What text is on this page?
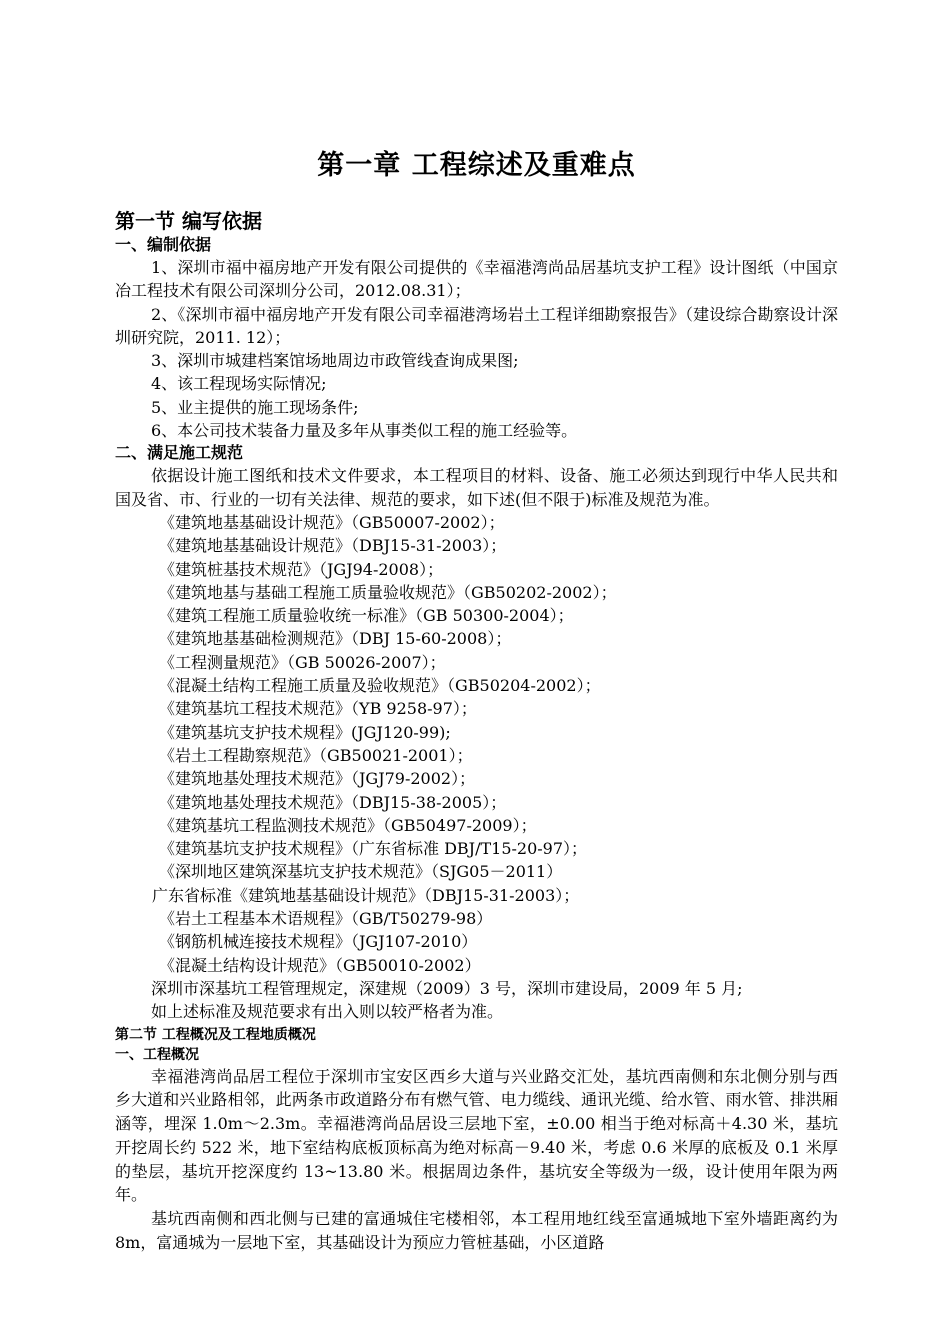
第一章 工程综述及重难点
第一节 编写依据
一、编制依据

1、深圳市福中福房地产开发有限公司提供的《幸福港湾尚品居基坑支护工程》设计图纸（中国京冶工程技术有限公司深圳分公司，2012.08.31）；

2、《深圳市福中福房地产开发有限公司幸福港湾场岩土工程详细勘察报告》（建设综合勘察设计深圳研究院，2011. 12）；

3、深圳市城建档案馆场地周边市政管线查询成果图;

4、该工程现场实际情况;

5、业主提供的施工现场条件;

6、本公司技术装备力量及多年从事类似工程的施工经验等。

二、满足施工规范

依据设计施工图纸和技术文件要求，本工程项目的材料、设备、施工必须达到现行中华人民共和国及省、市、行业的一切有关法律、规范的要求，如下述(但不限于)标准及规范为准。

《建筑地基基础设计规范》（GB50007-2002）；
《建筑地基基础设计规范》（DBJ15-31-2003）；
《建筑桩基技术规范》（JGJ94-2008）；
《建筑地基与基础工程施工质量验收规范》（GB50202-2002）；
《建筑工程施工质量验收统一标准》（GB 50300-2004）；
《建筑地基基础检测规范》（DBJ 15-60-2008）；
《工程测量规范》（GB 50026-2007）；
《混凝土结构工程施工质量及验收规范》（GB50204-2002）；
《建筑基坑工程技术规范》（YB 9258-97）；
《建筑基坑支护技术规程》(JGJ120-99);
《岩土工程勘察规范》（GB50021-2001）；
《建筑地基处理技术规范》（JGJ79-2002）；
《建筑地基处理技术规范》（DBJ15-38-2005）；
《建筑基坑工程监测技术规范》（GB50497-2009）；
《建筑基坑支护技术规程》（广东省标准 DBJ/T15-20-97）；
《深圳地区建筑深基坑支护技术规范》（SJG05－2011）
广东省标准《建筑地基基础设计规范》（DBJ15-31-2003）；
《岩土工程基本术语规程》（GB/T50279-98）
《钢筋机械连接技术规程》（JGJ107-2010）
《混凝土结构设计规范》（GB50010-2002）
深圳市深基坑工程管理规定，深建规（2009）3 号，深圳市建设局，2009 年 5 月;
如上述标准及规范要求有出入则以较严格者为准。
第二节 工程概况及工程地质概况
一、工程概况

幸福港湾尚品居工程位于深圳市宝安区西乡大道与兴业路交汇处，基坑西南侧和东北侧分别与西乡大道和兴业路相邻，此两条市政道路分布有燃气管、电力缆线、通讯光缆、给水管、雨水管、排洪厢涵等，埋深 1.0m～2.3m。幸福港湾尚品居设三层地下室，±0.00 相当于绝对标高＋4.30 米，基坑开挖周长约 522 米，地下室结构底板顶标高为绝对标高－9.40 米，考虑 0.6 米厚的底板及 0.1 米厚的垫层，基坑开挖深度约 13~13.80 米。根据周边条件，基坑安全等级为一级，设计使用年限为两年。

基坑西南侧和西北侧与已建的富通城住宅楼相邻，本工程用地红线至富通城地下室外墙距离约为 8m，富通城为一层地下室，其基础设计为预应力管桩基础，小区道路
